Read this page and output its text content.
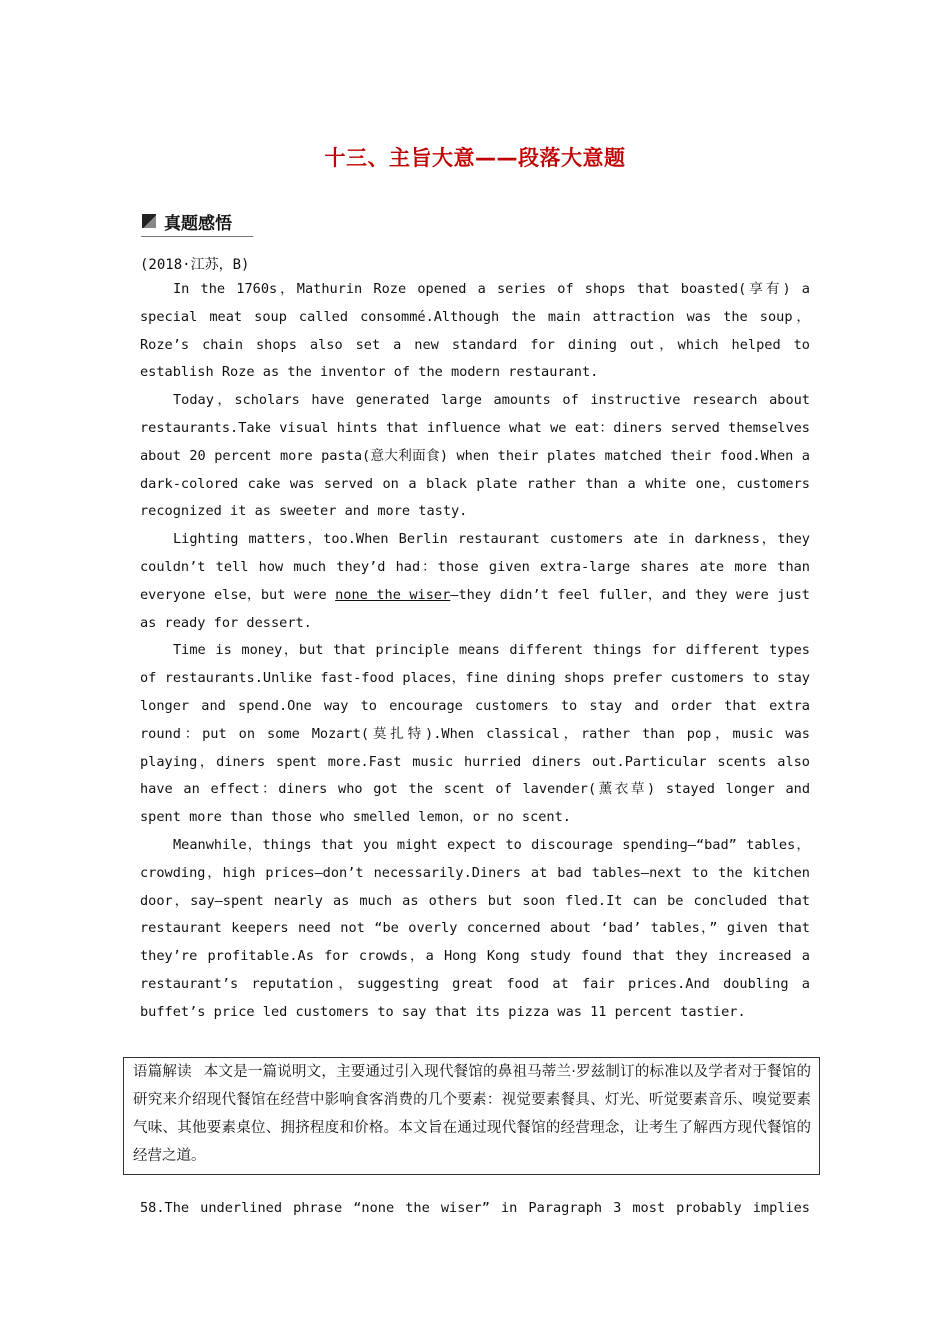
十三、主旨大意——段落大意题
真题感悟
(2018·江苏，B)

In the 1760s，Mathurin Roze opened a series of shops that boasted(享有) a special meat soup called consommé.Although the main attraction was the soup，Roze’s chain shops also set a new standard for dining out，which helped to establish Roze as the inventor of the modern restaurant.

Today，scholars have generated large amounts of instructive research about restaurants.Take visual hints that influence what we eat：diners served themselves about 20 percent more pasta(意大利面食) when their plates matched their food.When a dark-colored cake was served on a black plate rather than a white one，customers recognized it as sweeter and more tasty.

Lighting matters，too.When Berlin restaurant customers ate in darkness，they couldn’t tell how much they’d had：those given extra-large shares ate more than everyone else，but were none the wiser—they didn’t feel fuller，and they were just as ready for dessert.

Time is money，but that principle means different things for different types of restaurants.Unlike fast-food places，fine dining shops prefer customers to stay longer and spend.One way to encourage customers to stay and order that extra round：put on some Mozart(莫扎特).When classical，rather than pop，music was playing，diners spent more.Fast music hurried diners out.Particular scents also have an effect：diners who got the scent of lavender(薰衣草) stayed longer and spent more than those who smelled lemon，or no scent.

Meanwhile，things that you might expect to discourage spending—“bad” tables，crowding，high prices—don’t necessarily.Diners at bad tables—next to the kitchen door，say—spent nearly as much as others but soon fled.It can be concluded that restaurant keepers need not “be overly concerned about ‘bad’ tables，” given that they’re profitable.As for crowds，a Hong Kong study found that they increased a restaurant’s reputation，suggesting great food at fair prices.And doubling a buffet’s price led customers to say that its pizza was 11 percent tastier.

语篇解读 本文是一篇说明文，主要通过引入现代餐馆的鼻祖马蒂兰·罗兹制订的标准以及学者对于餐馆的研究来介绍现代餐馆在经营中影响食客消费的几个要素：视觉要素餐具、灯光、听觉要素音乐、嗅觉要素气味、其他要素桌位、拥挤程度和价格。本文旨在通过现代餐馆的经营理念，让考生了解西方现代餐馆的经营之道。
58.The underlined phrase “none the wiser” in Paragraph 3 most probably implies
